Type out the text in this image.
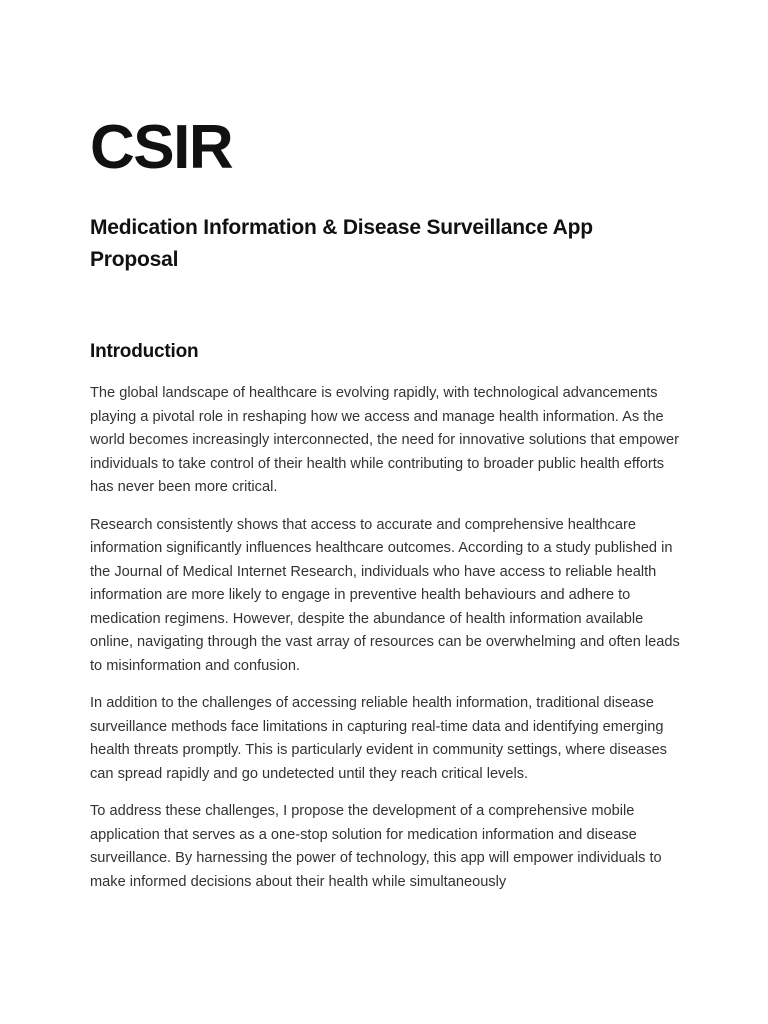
CSIR
Medication Information & Disease Surveillance App Proposal
Introduction

The global landscape of healthcare is evolving rapidly, with technological advancements playing a pivotal role in reshaping how we access and manage health information. As the world becomes increasingly interconnected, the need for innovative solutions that empower individuals to take control of their health while contributing to broader public health efforts has never been more critical.

Research consistently shows that access to accurate and comprehensive healthcare information significantly influences healthcare outcomes. According to a study published in the Journal of Medical Internet Research, individuals who have access to reliable health information are more likely to engage in preventive health behaviours and adhere to medication regimens. However, despite the abundance of health information available online, navigating through the vast array of resources can be overwhelming and often leads to misinformation and confusion.

In addition to the challenges of accessing reliable health information, traditional disease surveillance methods face limitations in capturing real-time data and identifying emerging health threats promptly. This is particularly evident in community settings, where diseases can spread rapidly and go undetected until they reach critical levels.

To address these challenges, I propose the development of a comprehensive mobile application that serves as a one-stop solution for medication information and disease surveillance. By harnessing the power of technology, this app will empower individuals to make informed decisions about their health while simultaneously
